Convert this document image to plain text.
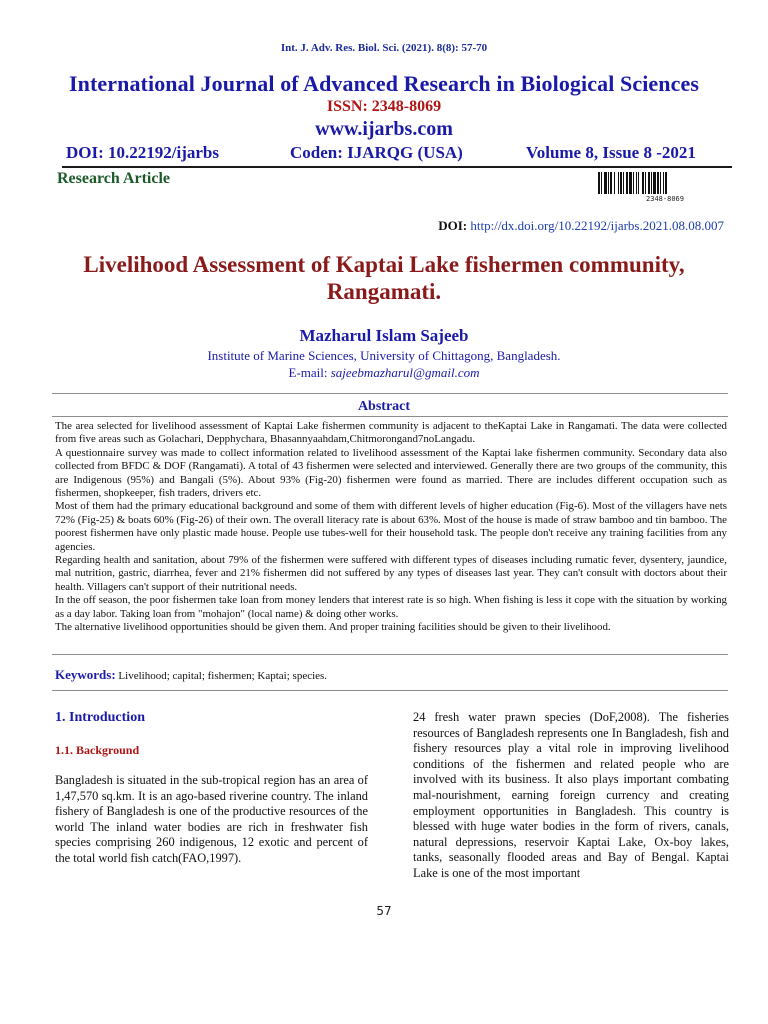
Int. J. Adv. Res. Biol. Sci. (2021). 8(8): 57-70
International Journal of Advanced Research in Biological Sciences
ISSN: 2348-8069
www.ijarbs.com
DOI: 10.22192/ijarbs	Coden: IJARQG (USA)	Volume 8, Issue 8 -2021
Research Article
2348-8069
DOI: http://dx.doi.org/10.22192/ijarbs.2021.08.08.007
Livelihood Assessment of Kaptai Lake fishermen community,
Rangamati.
Mazharul Islam Sajeeb
Institute of Marine Sciences, University of Chittagong, Bangladesh.
E-mail: sajeebmazharul@gmail.com
Abstract

The area selected for livelihood assessment of Kaptai Lake fishermen community is adjacent to theKaptai Lake in Rangamati. The data were collected from five areas such as Golachari, Depphychara, Bhasannyaahdam,Chitmorongand7noLangadu.

A questionnaire survey was made to collect information related to livelihood assessment of the Kaptai lake fishermen community. Secondary data also collected from BFDC & DOF (Rangamati). A total of 43 fishermen were selected and interviewed. Generally there are two groups of the community, this are Indigenous (95%) and Bangali (5%). About 93% (Fig-20) fishermen were found as married. There are includes different occupation such as fishermen, shopkeeper, fish traders, drivers etc.

Most of them had the primary educational background and some of them with different levels of higher education (Fig-6). Most of the villagers have nets 72% (Fig-25) & boats 60% (Fig-26) of their own. The overall literacy rate is about 63%. Most of the house is made of straw bamboo and tin bamboo. The poorest fishermen have only plastic made house. People use tubes-well for their household task. The people don't receive any training facilities from any agencies.

Regarding health and sanitation, about 79% of the fishermen were suffered with different types of diseases including rumatic fever, dysentery, jaundice, mal nutrition, gastric, diarrhea, fever and 21% fishermen did not suffered by any types of diseases last year. They can't consult with doctors about their health. Villagers can't support of their nutritional needs.

In the off season, the poor fishermen take loan from money lenders that interest rate is so high. When fishing is less it cope with the situation by working as a day labor. Taking loan from "mohajon" (local name) & doing other works.

The alternative livelihood opportunities should be given them. And proper training facilities should be given to their livelihood.

Keywords: Livelihood; capital; fishermen; Kaptai; species.
1. Introduction
1.1. Background

Bangladesh is situated in the sub-tropical region has an area of 1,47,570 sq.km. It is an ago-based riverine country. The inland fishery of Bangladesh is one of the productive resources of the world The inland water bodies are rich in freshwater fish species comprising 260 indigenous, 12 exotic and percent of the total world fish catch(FAO,1997).

24 fresh water prawn species (DoF,2008). The fisheries resources of Bangladesh represents one In Bangladesh, fish and fishery resources play a vital role in improving livelihood conditions of the fishermen and related people who are involved with its business. It also plays important combating mal-nourishment, earning foreign currency and creating employment opportunities in Bangladesh. This country is blessed with huge water bodies in the form of rivers, canals, natural depressions, reservoir Kaptai Lake, Ox-boy lakes, tanks, seasonally flooded areas and Bay of Bengal. Kaptai Lake is one of the most important

57
